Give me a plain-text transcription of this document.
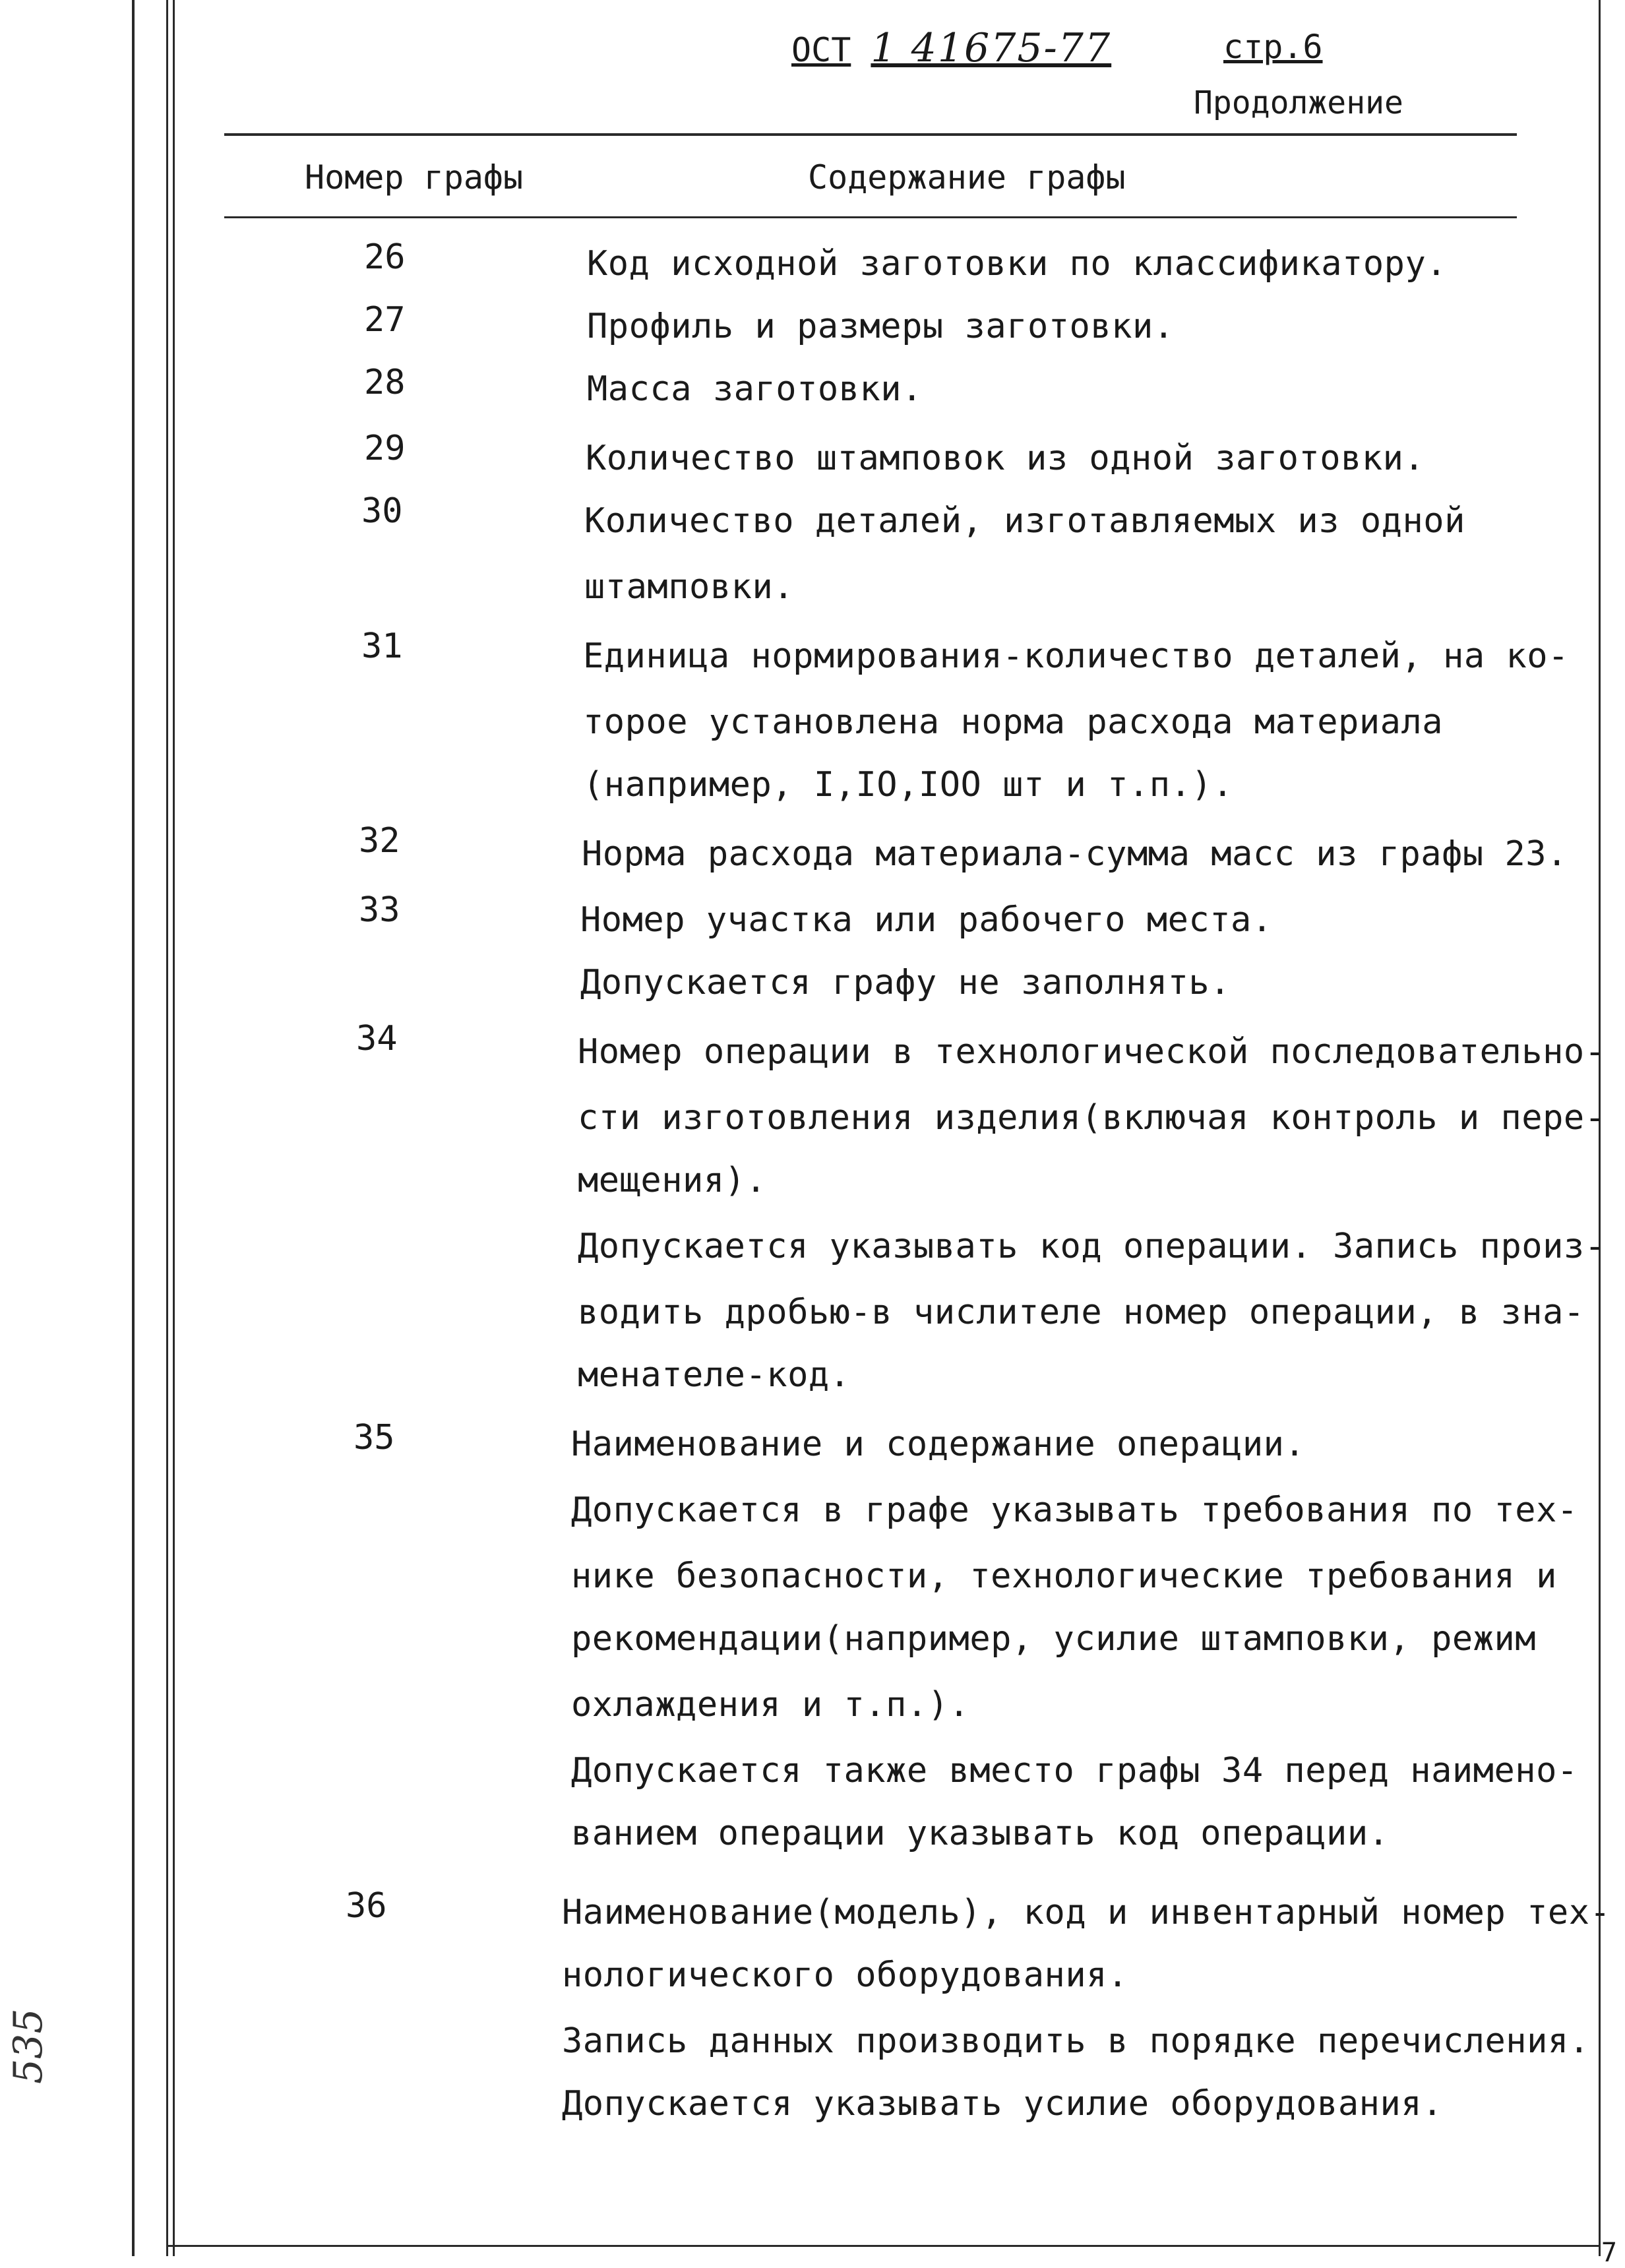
ОСТ 1 41675-77	стр.6
Продолжение
Номер графы	Содержание графы
26	Код исходной заготовки по классификатору.
27	Профиль и размеры заготовки.
28	Масса заготовки.
29	Количество штамповок из одной заготовки.
30	Количество деталей, изготавляемых из одной
штамповки.
31	Единица нормирования-количество деталей, на ко-
торое установлена норма расхода материала
(например, I,IO,IOO шт и т.п.).
32	Норма расхода материала-сумма масс из графы 23.
33	Номер участка или рабочего места.
Допускается графу не заполнять.
34	Номер операции в технологической последовательно-
сти изготовления изделия(включая контроль и пере-
мещения).
Допускается указывать код операции. Запись произ-
водить дробью-в числителе номер операции, в зна-
менателе-код.
35	Наименование и содержание операции.
Допускается в графе указывать требования по тех-
нике безопасности, технологические требования и
рекомендации(например, усилие штамповки, режим
охлаждения и т.п.).
Допускается также вместо графы 34 перед наимено-
ванием операции указывать код операции.
36	Наименование(модель), код и инвентарный номер тех-
нологического оборудования.
Запись данных производить в порядке перечисления.
Допускается указывать усилие оборудования.
535
7
